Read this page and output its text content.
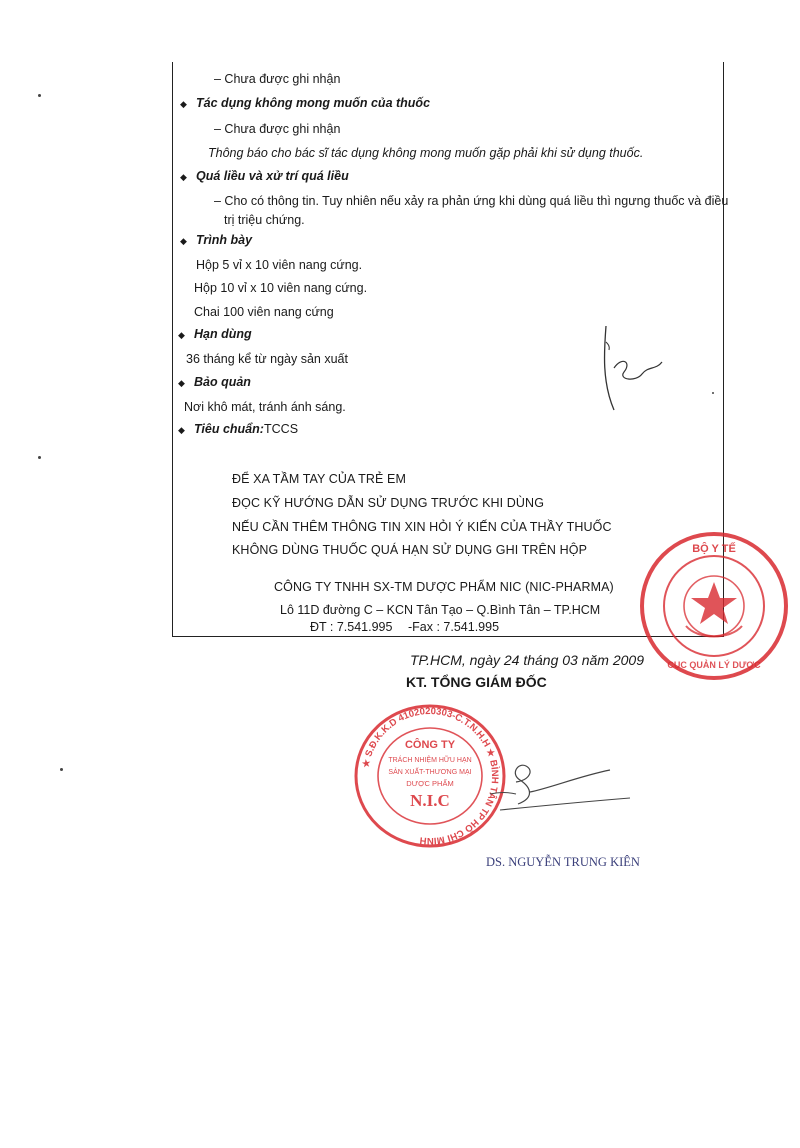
– Chưa được ghi nhận
◆ Tác dụng không mong muốn của thuốc
– Chưa được ghi nhận
Thông báo cho bác sĩ tác dụng không mong muốn gặp phải khi sử dụng thuốc.
◆ Quá liều và xử trí quá liều
– Cho có thông tin. Tuy nhiên nếu xảy ra phản ứng khi dùng quá liều thì ngưng thuốc và điều
trị triệu chứng.
◆ Trình bày
Hộp 5 vỉ x 10 viên nang cứng.
Hộp 10 vỉ x 10 viên nang cứng.
Chai 100 viên nang cứng
◆ Hạn dùng
36 tháng kể từ ngày sản xuất
◆ Bảo quản
Nơi khô mát, tránh ánh sáng.
◆ Tiêu chuẩn: TCCS
ĐỂ XA TẦM TAY CỦA TRẺ EM
ĐỌC KỸ HƯỚNG DẪN SỬ DỤNG TRƯỚC KHI DÙNG
NẾU CẦN THÊM THÔNG TIN XIN HỎI Ý KIẾN CỦA THẦY THUỐC
KHÔNG DÙNG THUỐC QUÁ HẠN SỬ DỤNG GHI TRÊN HỘP
CÔNG TY TNHH SX-TM DƯỢC PHẨM NIC (NIC-PHARMA)
Lô 11D đường C – KCN Tân Tạo – Q.Bình Tân – TP.HCM
ĐT : 7.541.995 -Fax : 7.541.995
BỘ Y TẾ
CỤC QUẢN LÝ DƯỢC
TP.HCM, ngày 24 tháng 03 năm 2009
KT. TỔNG GIÁM ĐỐC
★ S.Đ.K.K.D 4102020303-C.T.N.H.H ★ BÌNH TÂN TP HỒ CHÍ MINH
CÔNG TY
TRÁCH NHIỆM HỮU HẠN
SẢN XUẤT-THƯƠNG MẠI
DƯỢC PHẨM
N.I.C
DS. NGUYỄN TRUNG KIÊN
